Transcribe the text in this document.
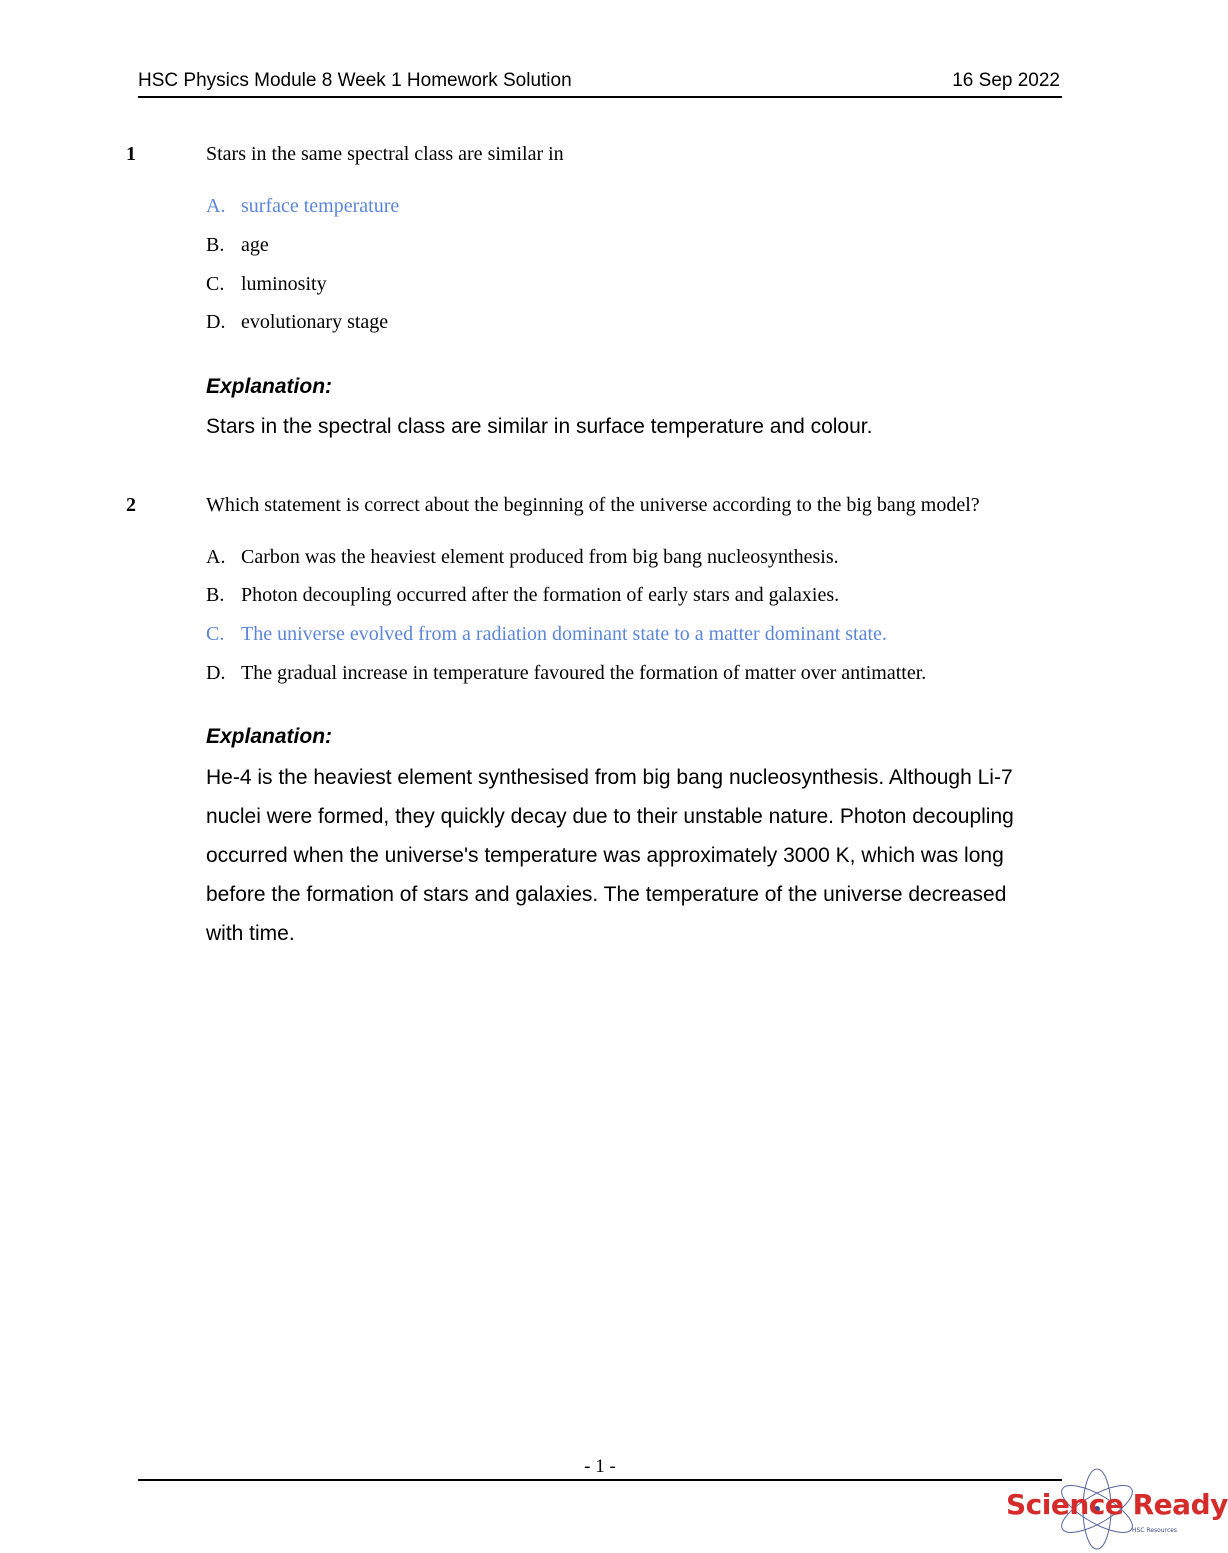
HSC Physics Module 8 Week 1 Homework Solution	16 Sep 2022
1	Stars in the same spectral class are similar in
A. surface temperature
B. age
C. luminosity
D. evolutionary stage
Explanation:
Stars in the spectral class are similar in surface temperature and colour.
2	Which statement is correct about the beginning of the universe according to the big bang model?
A. Carbon was the heaviest element produced from big bang nucleosynthesis.
B. Photon decoupling occurred after the formation of early stars and galaxies.
C. The universe evolved from a radiation dominant state to a matter dominant state.
D. The gradual increase in temperature favoured the formation of matter over antimatter.
Explanation:
He-4 is the heaviest element synthesised from big bang nucleosynthesis. Although Li-7
nuclei were formed, they quickly decay due to their unstable nature. Photon decoupling
occurred when the universe's temperature was approximately 3000 K, which was long
before the formation of stars and galaxies. The temperature of the universe decreased
with time.
- 1 -
Science Ready
HSC Resources
